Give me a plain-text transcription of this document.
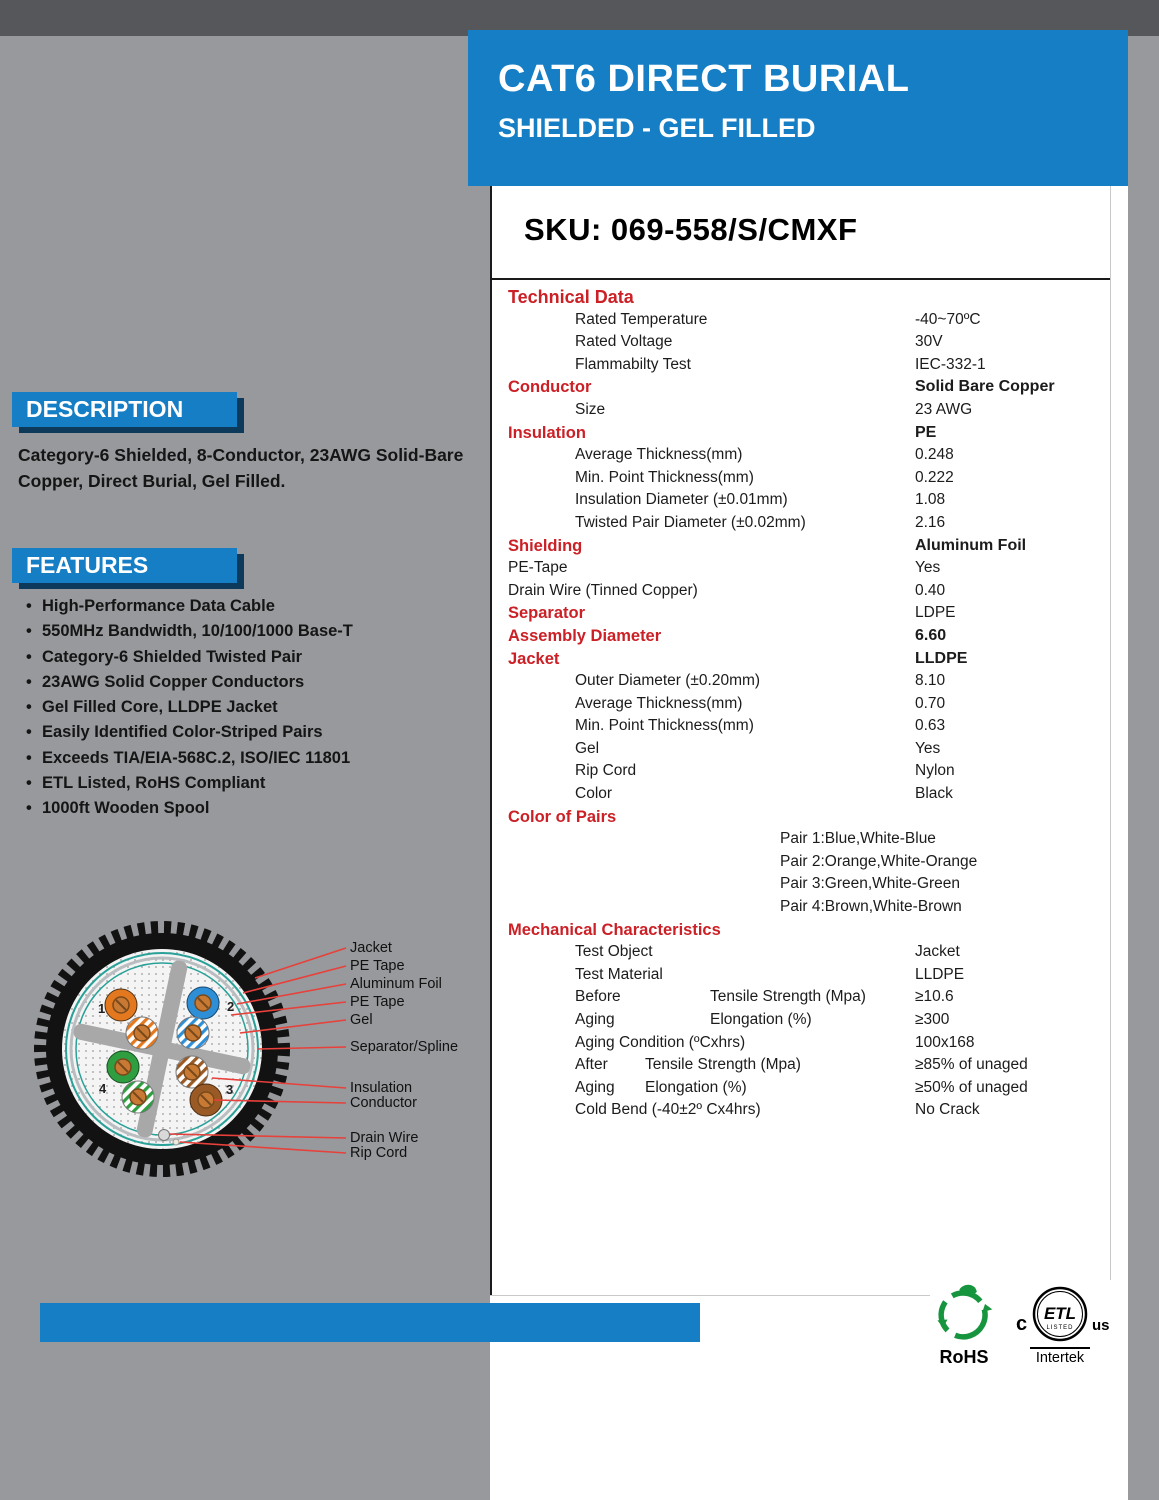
CAT6 DIRECT BURIAL
SHIELDED - GEL FILLED
DESCRIPTION

Category-6 Shielded, 8-Conductor, 23AWG Solid-Bare Copper, Direct Burial, Gel Filled.

FEATURES
• High-Performance Data Cable
• 550MHz Bandwidth, 10/100/1000 Base-T
• Category-6 Shielded Twisted Pair
• 23AWG Solid Copper Conductors
• Gel Filled Core, LLDPE Jacket
• Easily Identified Color-Striped Pairs
• Exceeds TIA/EIA-568C.2, ISO/IEC 11801
• ETL Listed, RoHS Compliant
• 1000ft Wooden Spool
1	2
3
4
Jacket
PE Tape
Aluminum Foil
PE Tape
Gel
Separator/Spline
Insulation
Conductor
Drain Wire
Rip Cord
SKU: 069-558/S/CMXF
Technical Data
Rated Temperature	-40~70ºC
Rated Voltage	30V
Flammabilty Test	IEC-332-1
Conductor	Solid Bare Copper
Size	23 AWG
Insulation	PE
Average Thickness(mm)	0.248
Min. Point Thickness(mm)	0.222
Insulation Diameter (±0.01mm)	1.08
Twisted Pair Diameter (±0.02mm)	2.16
Shielding	Aluminum Foil
PE-Tape	Yes
Drain Wire (Tinned Copper)	0.40
Separator	LDPE
Assembly Diameter	6.60
Jacket	LLDPE
Outer Diameter (±0.20mm)	8.10
Average Thickness(mm)	0.70
Min. Point Thickness(mm)	0.63
Gel	Yes
Rip Cord	Nylon
Color	Black
Color of Pairs
Pair 1:Blue,White-Blue
Pair 2:Orange,White-Orange
Pair 3:Green,White-Green
Pair 4:Brown,White-Brown
Mechanical Characteristics
Test Object	Jacket
Test Material	LLDPE
Before	Tensile Strength (Mpa)	≥10.6
Aging	Elongation (%)	≥300
Aging Condition (ºCxhrs)	100x168
After Tensile Strength (Mpa)	≥85% of unaged
Aging Elongation (%)	≥50% of unaged
Cold Bend (-40±2º Cx4hrs)	No Crack
RoHS
c ETL
LISTED us
Intertek
